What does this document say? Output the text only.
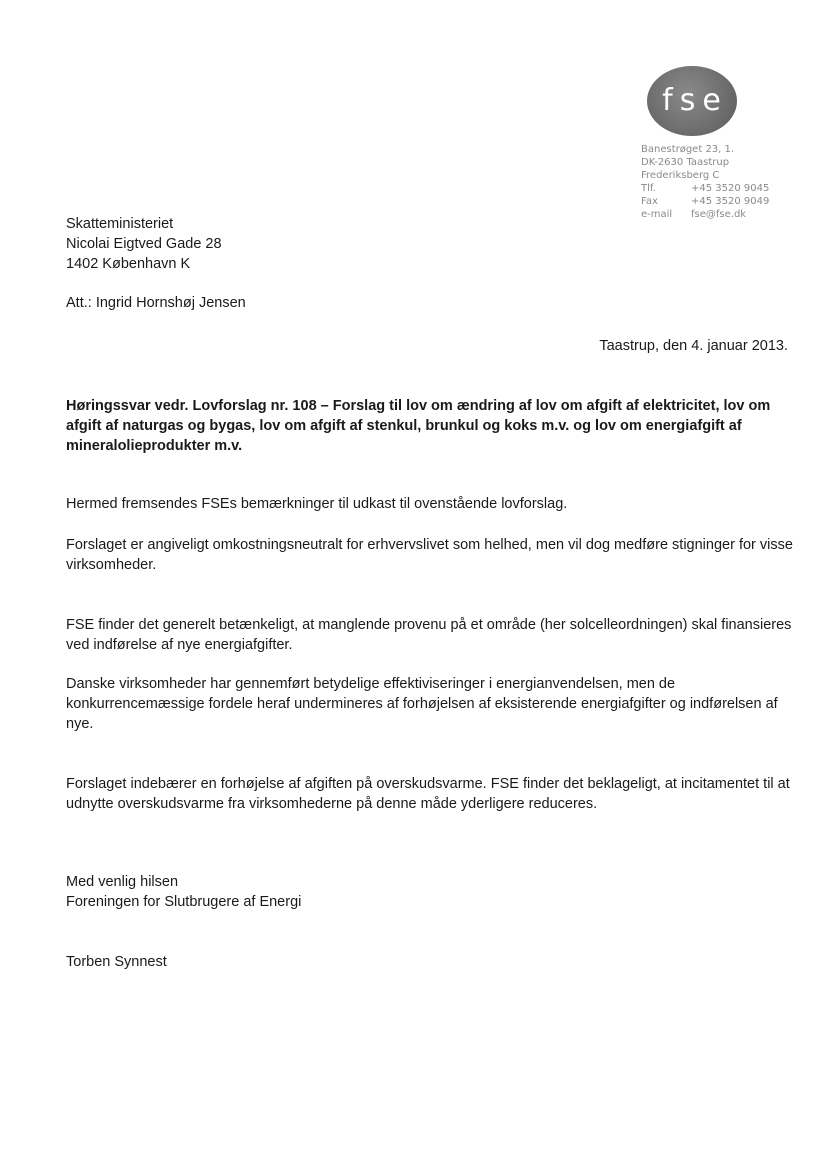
fse
Banestrøget 23, 1.
DK-2630 Taastrup
Frederiksberg C
Tlf.	+45 3520 9045
Fax	+45 3520 9049
e-mail	fse@fse.dk
Skatteministeriet
Nicolai Eigtved Gade 28
1402 København K
Att.: Ingrid Hornshøj Jensen
Taastrup, den 4. januar 2013.
Høringssvar vedr. Lovforslag nr. 108 – Forslag til lov om ændring af lov om afgift af elektricitet, lov om afgift af naturgas og bygas, lov om afgift af stenkul, brunkul og koks m.v. og lov om energiafgift af mineralolieprodukter m.v.
Hermed fremsendes FSEs bemærkninger til udkast til ovenstående lovforslag.
Forslaget er angiveligt omkostningsneutralt for erhvervslivet som helhed, men vil dog medføre stigninger for visse virksomheder.
FSE finder det generelt betænkeligt, at manglende provenu på et område (her solcelleordningen) skal finansieres ved indførelse af nye energiafgifter.
Danske virksomheder har gennemført betydelige effektiviseringer i energianvendelsen, men de konkurrencemæssige fordele heraf undermineres af forhøjelsen af eksisterende energiafgifter og indførelsen af nye.
Forslaget indebærer en forhøjelse af afgiften på overskudsvarme. FSE finder det beklageligt, at incitamentet til at udnytte overskudsvarme fra virksomhederne på denne måde yderligere reduceres.
Med venlig hilsen
Foreningen for Slutbrugere af Energi
Torben Synnest
